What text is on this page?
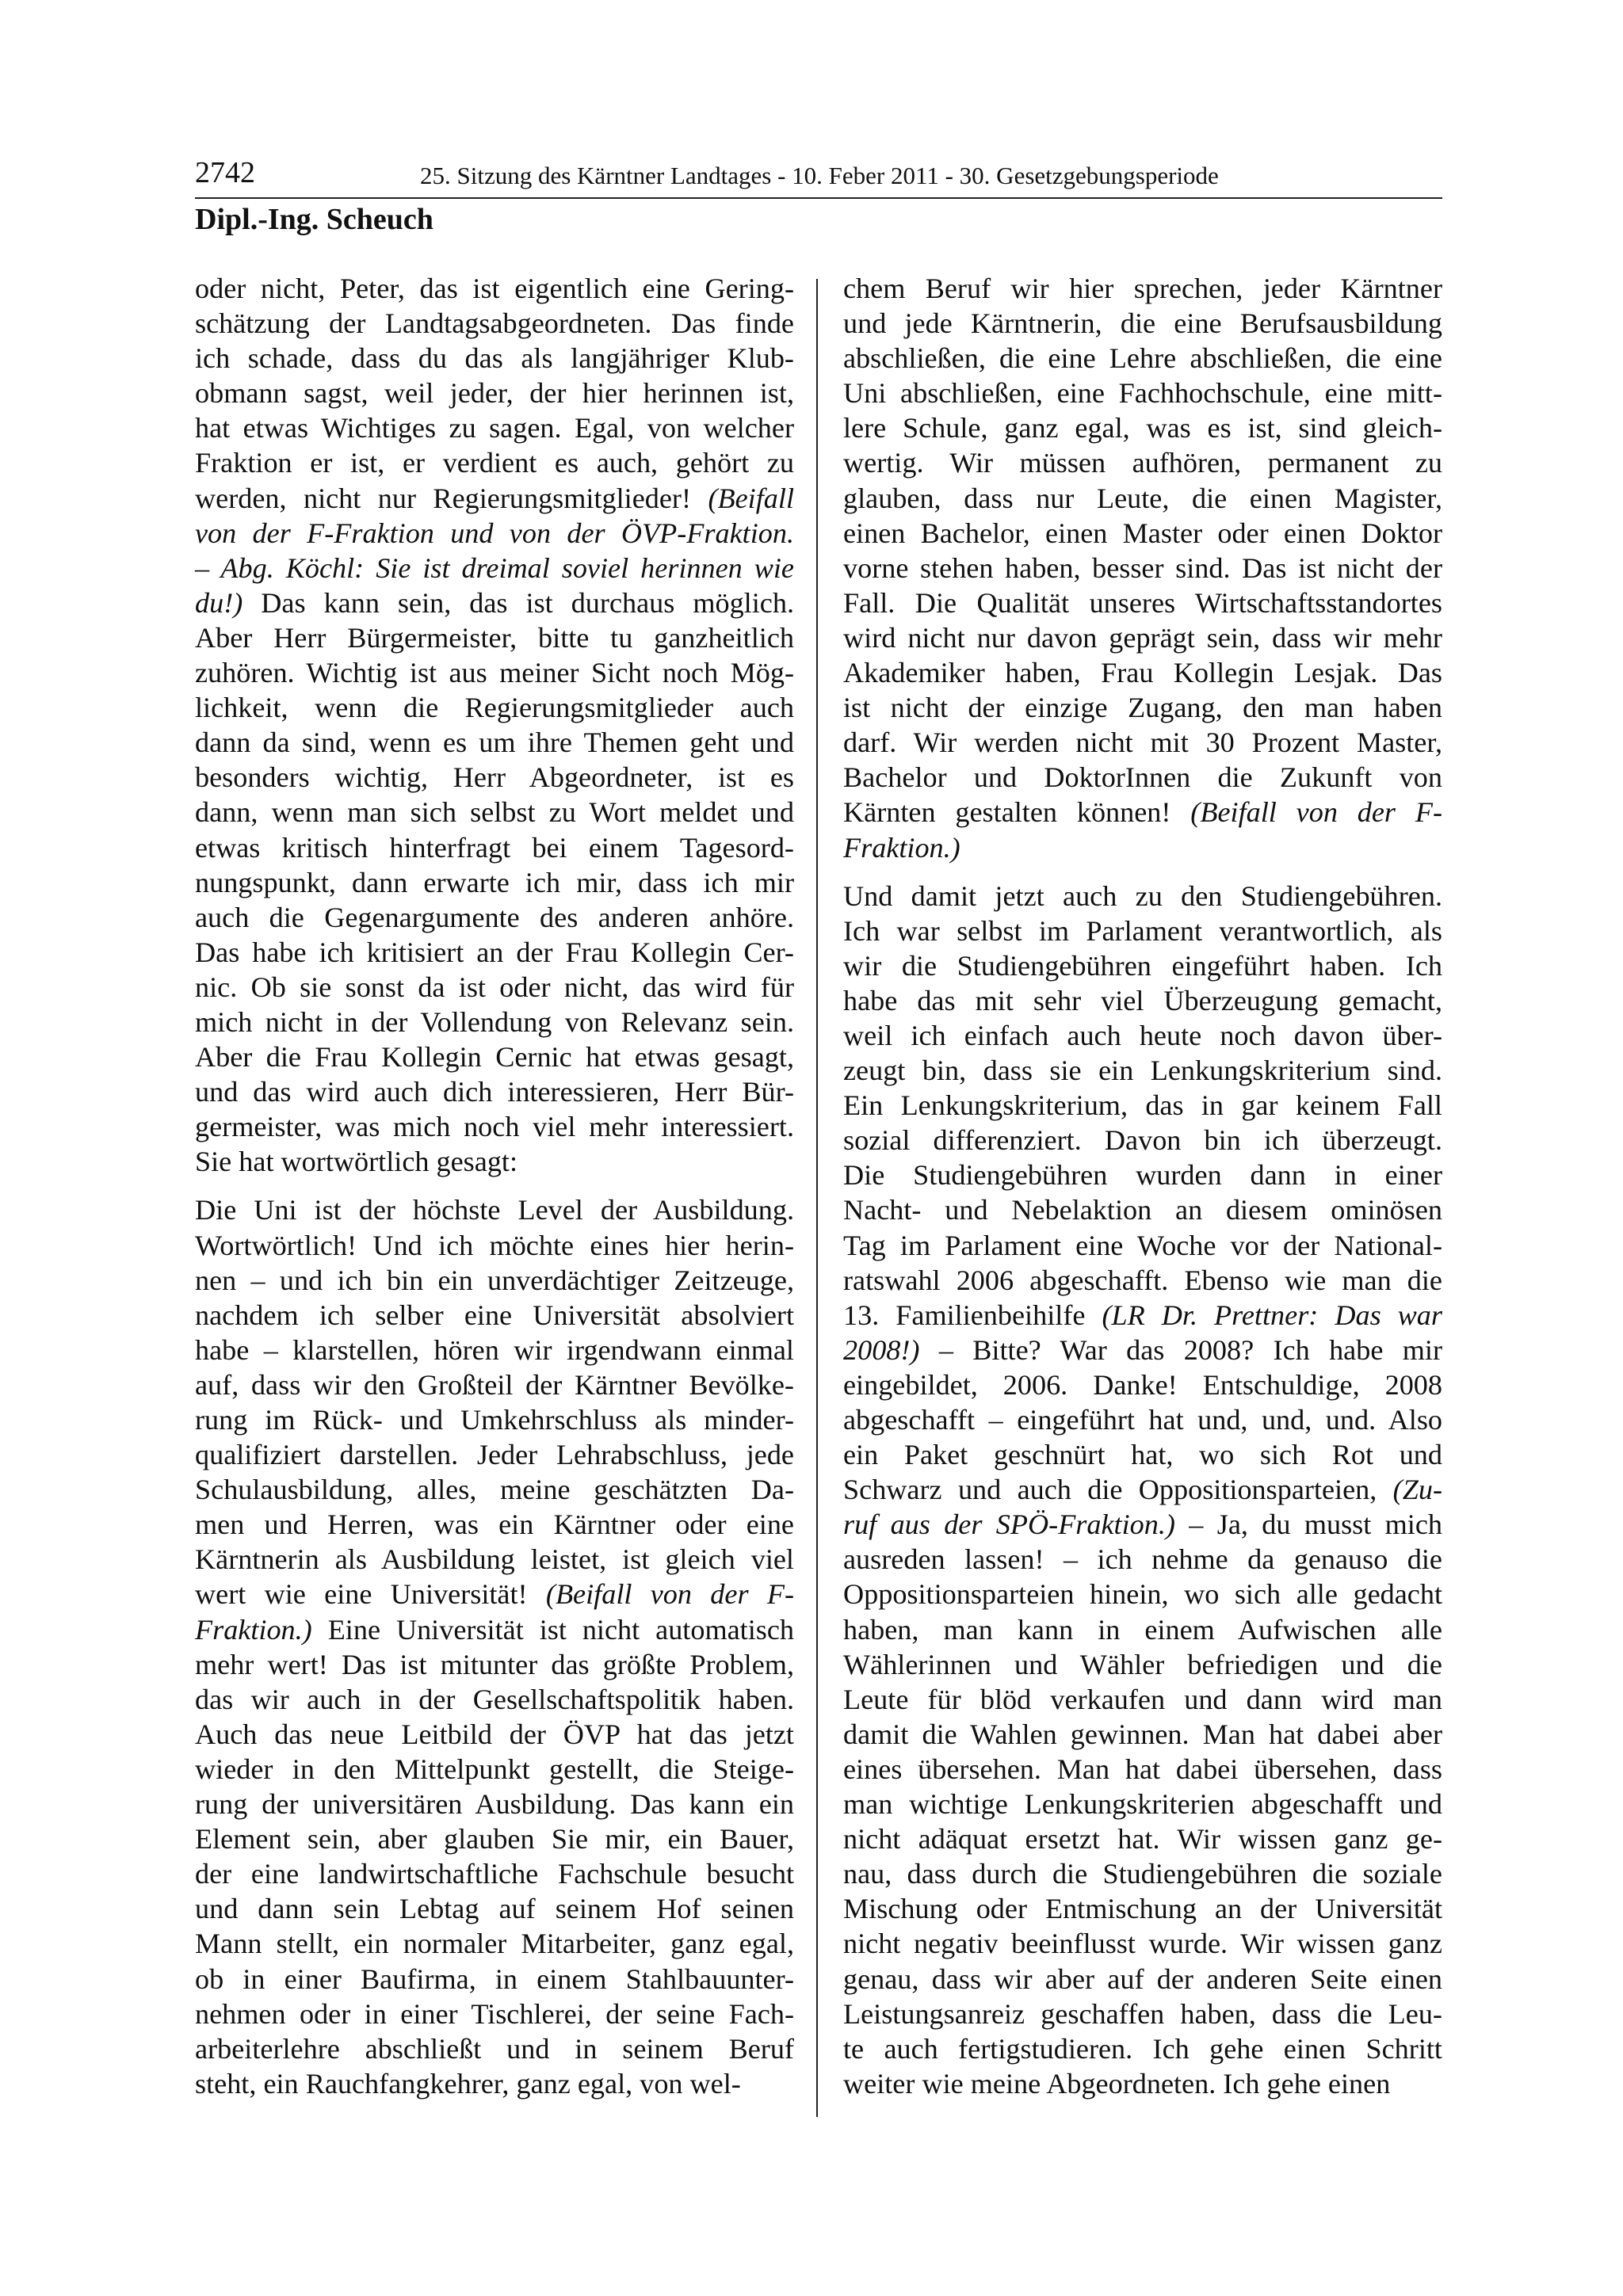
2742	25. Sitzung des Kärntner Landtages - 10. Feber 2011 - 30. Gesetzgebungsperiode
Dipl.-Ing. Scheuch
oder nicht, Peter, das ist eigentlich eine Gering-
schätzung der Landtagsabgeordneten. Das finde
ich schade, dass du das als langjähriger Klub-
obmann sagst, weil jeder, der hier herinnen ist,
hat etwas Wichtiges zu sagen. Egal, von welcher
Fraktion er ist, er verdient es auch, gehört zu
werden, nicht nur Regierungsmitglieder! (Beifall
von der F-Fraktion und von der ÖVP-Fraktion.
– Abg. Köchl: Sie ist dreimal soviel herinnen wie
du!) Das kann sein, das ist durchaus möglich.
Aber Herr Bürgermeister, bitte tu ganzheitlich
zuhören. Wichtig ist aus meiner Sicht noch Mög-
lichkeit, wenn die Regierungsmitglieder auch
dann da sind, wenn es um ihre Themen geht und
besonders wichtig, Herr Abgeordneter, ist es
dann, wenn man sich selbst zu Wort meldet und
etwas kritisch hinterfragt bei einem Tagesord-
nungspunkt, dann erwarte ich mir, dass ich mir
auch die Gegenargumente des anderen anhöre.
Das habe ich kritisiert an der Frau Kollegin Cer-
nic. Ob sie sonst da ist oder nicht, das wird für
mich nicht in der Vollendung von Relevanz sein.
Aber die Frau Kollegin Cernic hat etwas gesagt,
und das wird auch dich interessieren, Herr Bür-
germeister, was mich noch viel mehr interessiert.
Sie hat wortwörtlich gesagt:
Die Uni ist der höchste Level der Ausbildung.
Wortwörtlich! Und ich möchte eines hier herin-
nen – und ich bin ein unverdächtiger Zeitzeuge,
nachdem ich selber eine Universität absolviert
habe – klarstellen, hören wir irgendwann einmal
auf, dass wir den Großteil der Kärntner Bevölke-
rung im Rück- und Umkehrschluss als minder-
qualifiziert darstellen. Jeder Lehrabschluss, jede
Schulausbildung, alles, meine geschätzten Da-
men und Herren, was ein Kärntner oder eine
Kärntnerin als Ausbildung leistet, ist gleich viel
wert wie eine Universität! (Beifall von der F-
Fraktion.) Eine Universität ist nicht automatisch
mehr wert! Das ist mitunter das größte Problem,
das wir auch in der Gesellschaftspolitik haben.
Auch das neue Leitbild der ÖVP hat das jetzt
wieder in den Mittelpunkt gestellt, die Steige-
rung der universitären Ausbildung. Das kann ein
Element sein, aber glauben Sie mir, ein Bauer,
der eine landwirtschaftliche Fachschule besucht
und dann sein Lebtag auf seinem Hof seinen
Mann stellt, ein normaler Mitarbeiter, ganz egal,
ob in einer Baufirma, in einem Stahlbauunter-
nehmen oder in einer Tischlerei, der seine Fach-
arbeiterlehre abschließt und in seinem Beruf
steht, ein Rauchfangkehrer, ganz egal, von wel-
chem Beruf wir hier sprechen, jeder Kärntner
und jede Kärntnerin, die eine Berufsausbildung
abschließen, die eine Lehre abschließen, die eine
Uni abschließen, eine Fachhochschule, eine mitt-
lere Schule, ganz egal, was es ist, sind gleich-
wertig. Wir müssen aufhören, permanent zu
glauben, dass nur Leute, die einen Magister,
einen Bachelor, einen Master oder einen Doktor
vorne stehen haben, besser sind. Das ist nicht der
Fall. Die Qualität unseres Wirtschaftsstandortes
wird nicht nur davon geprägt sein, dass wir mehr
Akademiker haben, Frau Kollegin Lesjak. Das
ist nicht der einzige Zugang, den man haben
darf. Wir werden nicht mit 30 Prozent Master,
Bachelor und DoktorInnen die Zukunft von
Kärnten gestalten können! (Beifall von der F-
Fraktion.)
Und damit jetzt auch zu den Studiengebühren.
Ich war selbst im Parlament verantwortlich, als
wir die Studiengebühren eingeführt haben. Ich
habe das mit sehr viel Überzeugung gemacht,
weil ich einfach auch heute noch davon über-
zeugt bin, dass sie ein Lenkungskriterium sind.
Ein Lenkungskriterium, das in gar keinem Fall
sozial differenziert. Davon bin ich überzeugt.
Die Studiengebühren wurden dann in einer
Nacht- und Nebelaktion an diesem ominösen
Tag im Parlament eine Woche vor der National-
ratswahl 2006 abgeschafft. Ebenso wie man die
13. Familienbeihilfe (LR Dr. Prettner: Das war
2008!) – Bitte? War das 2008? Ich habe mir
eingebildet, 2006. Danke! Entschuldige, 2008
abgeschafft – eingeführt hat und, und, und. Also
ein Paket geschnürt hat, wo sich Rot und
Schwarz und auch die Oppositionsparteien, (Zu-
ruf aus der SPÖ-Fraktion.) – Ja, du musst mich
ausreden lassen! – ich nehme da genauso die
Oppositionsparteien hinein, wo sich alle gedacht
haben, man kann in einem Aufwischen alle
Wählerinnen und Wähler befriedigen und die
Leute für blöd verkaufen und dann wird man
damit die Wahlen gewinnen. Man hat dabei aber
eines übersehen. Man hat dabei übersehen, dass
man wichtige Lenkungskriterien abgeschafft und
nicht adäquat ersetzt hat. Wir wissen ganz ge-
nau, dass durch die Studiengebühren die soziale
Mischung oder Entmischung an der Universität
nicht negativ beeinflusst wurde. Wir wissen ganz
genau, dass wir aber auf der anderen Seite einen
Leistungsanreiz geschaffen haben, dass die Leu-
te auch fertigstudieren. Ich gehe einen Schritt
weiter wie meine Abgeordneten. Ich gehe einen
